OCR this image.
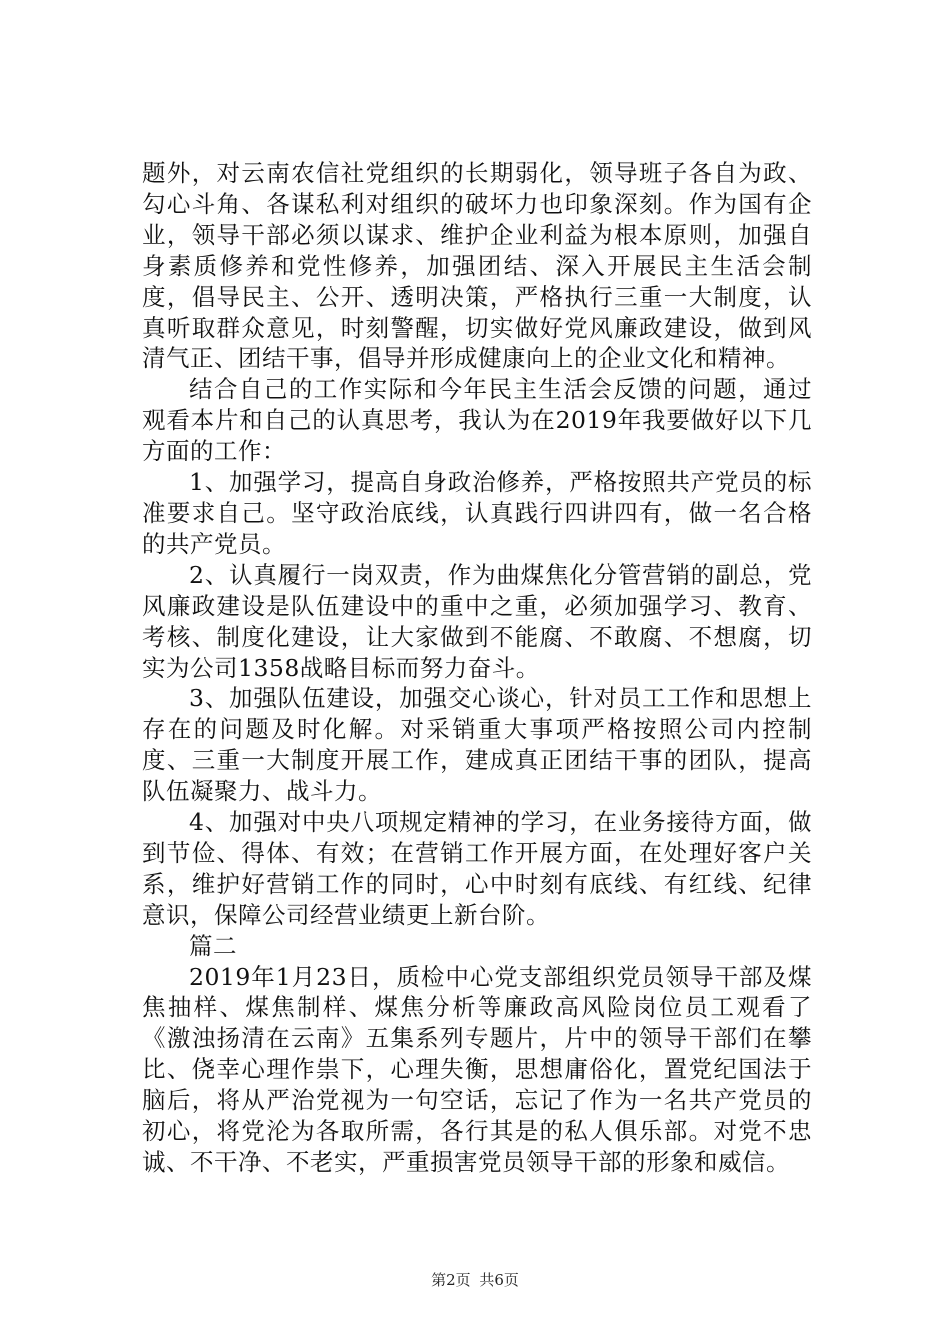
题外，对云南农信社党组织的长期弱化，领导班子各自为政、勾心斗角、各谋私利对组织的破坏力也印象深刻。作为国有企业，领导干部必须以谋求、维护企业利益为根本原则，加强自身素质修养和党性修养，加强团结、深入开展民主生活会制度，倡导民主、公开、透明决策，严格执行三重一大制度，认真听取群众意见，时刻警醒，切实做好党风廉政建设，做到风清气正、团结干事，倡导并形成健康向上的企业文化和精神。

结合自己的工作实际和今年民主生活会反馈的问题，通过观看本片和自己的认真思考，我认为在2019年我要做好以下几方面的工作：

1、加强学习，提高自身政治修养，严格按照共产党员的标准要求自己。坚守政治底线，认真践行四讲四有，做一名合格的共产党员。

2、认真履行一岗双责，作为曲煤焦化分管营销的副总，党风廉政建设是队伍建设中的重中之重，必须加强学习、教育、考核、制度化建设，让大家做到不能腐、不敢腐、不想腐，切实为公司1358战略目标而努力奋斗。

3、加强队伍建设，加强交心谈心，针对员工工作和思想上存在的问题及时化解。对采销重大事项严格按照公司内控制度、三重一大制度开展工作，建成真正团结干事的团队，提高队伍凝聚力、战斗力。

4、加强对中央八项规定精神的学习，在业务接待方面，做到节俭、得体、有效；在营销工作开展方面，在处理好客户关系，维护好营销工作的同时，心中时刻有底线、有红线、纪律意识，保障公司经营业绩更上新台阶。

篇二

2019年1月23日，质检中心党支部组织党员领导干部及煤焦抽样、煤焦制样、煤焦分析等廉政高风险岗位员工观看了《激浊扬清在云南》五集系列专题片，片中的领导干部们在攀比、侥幸心理作祟下，心理失衡，思想庸俗化，置党纪国法于脑后，将从严治党视为一句空话，忘记了作为一名共产党员的初心，将党沦为各取所需，各行其是的私人俱乐部。对党不忠诚、不干净、不老实，严重损害党员领导干部的形象和威信。

第2页 共6页
